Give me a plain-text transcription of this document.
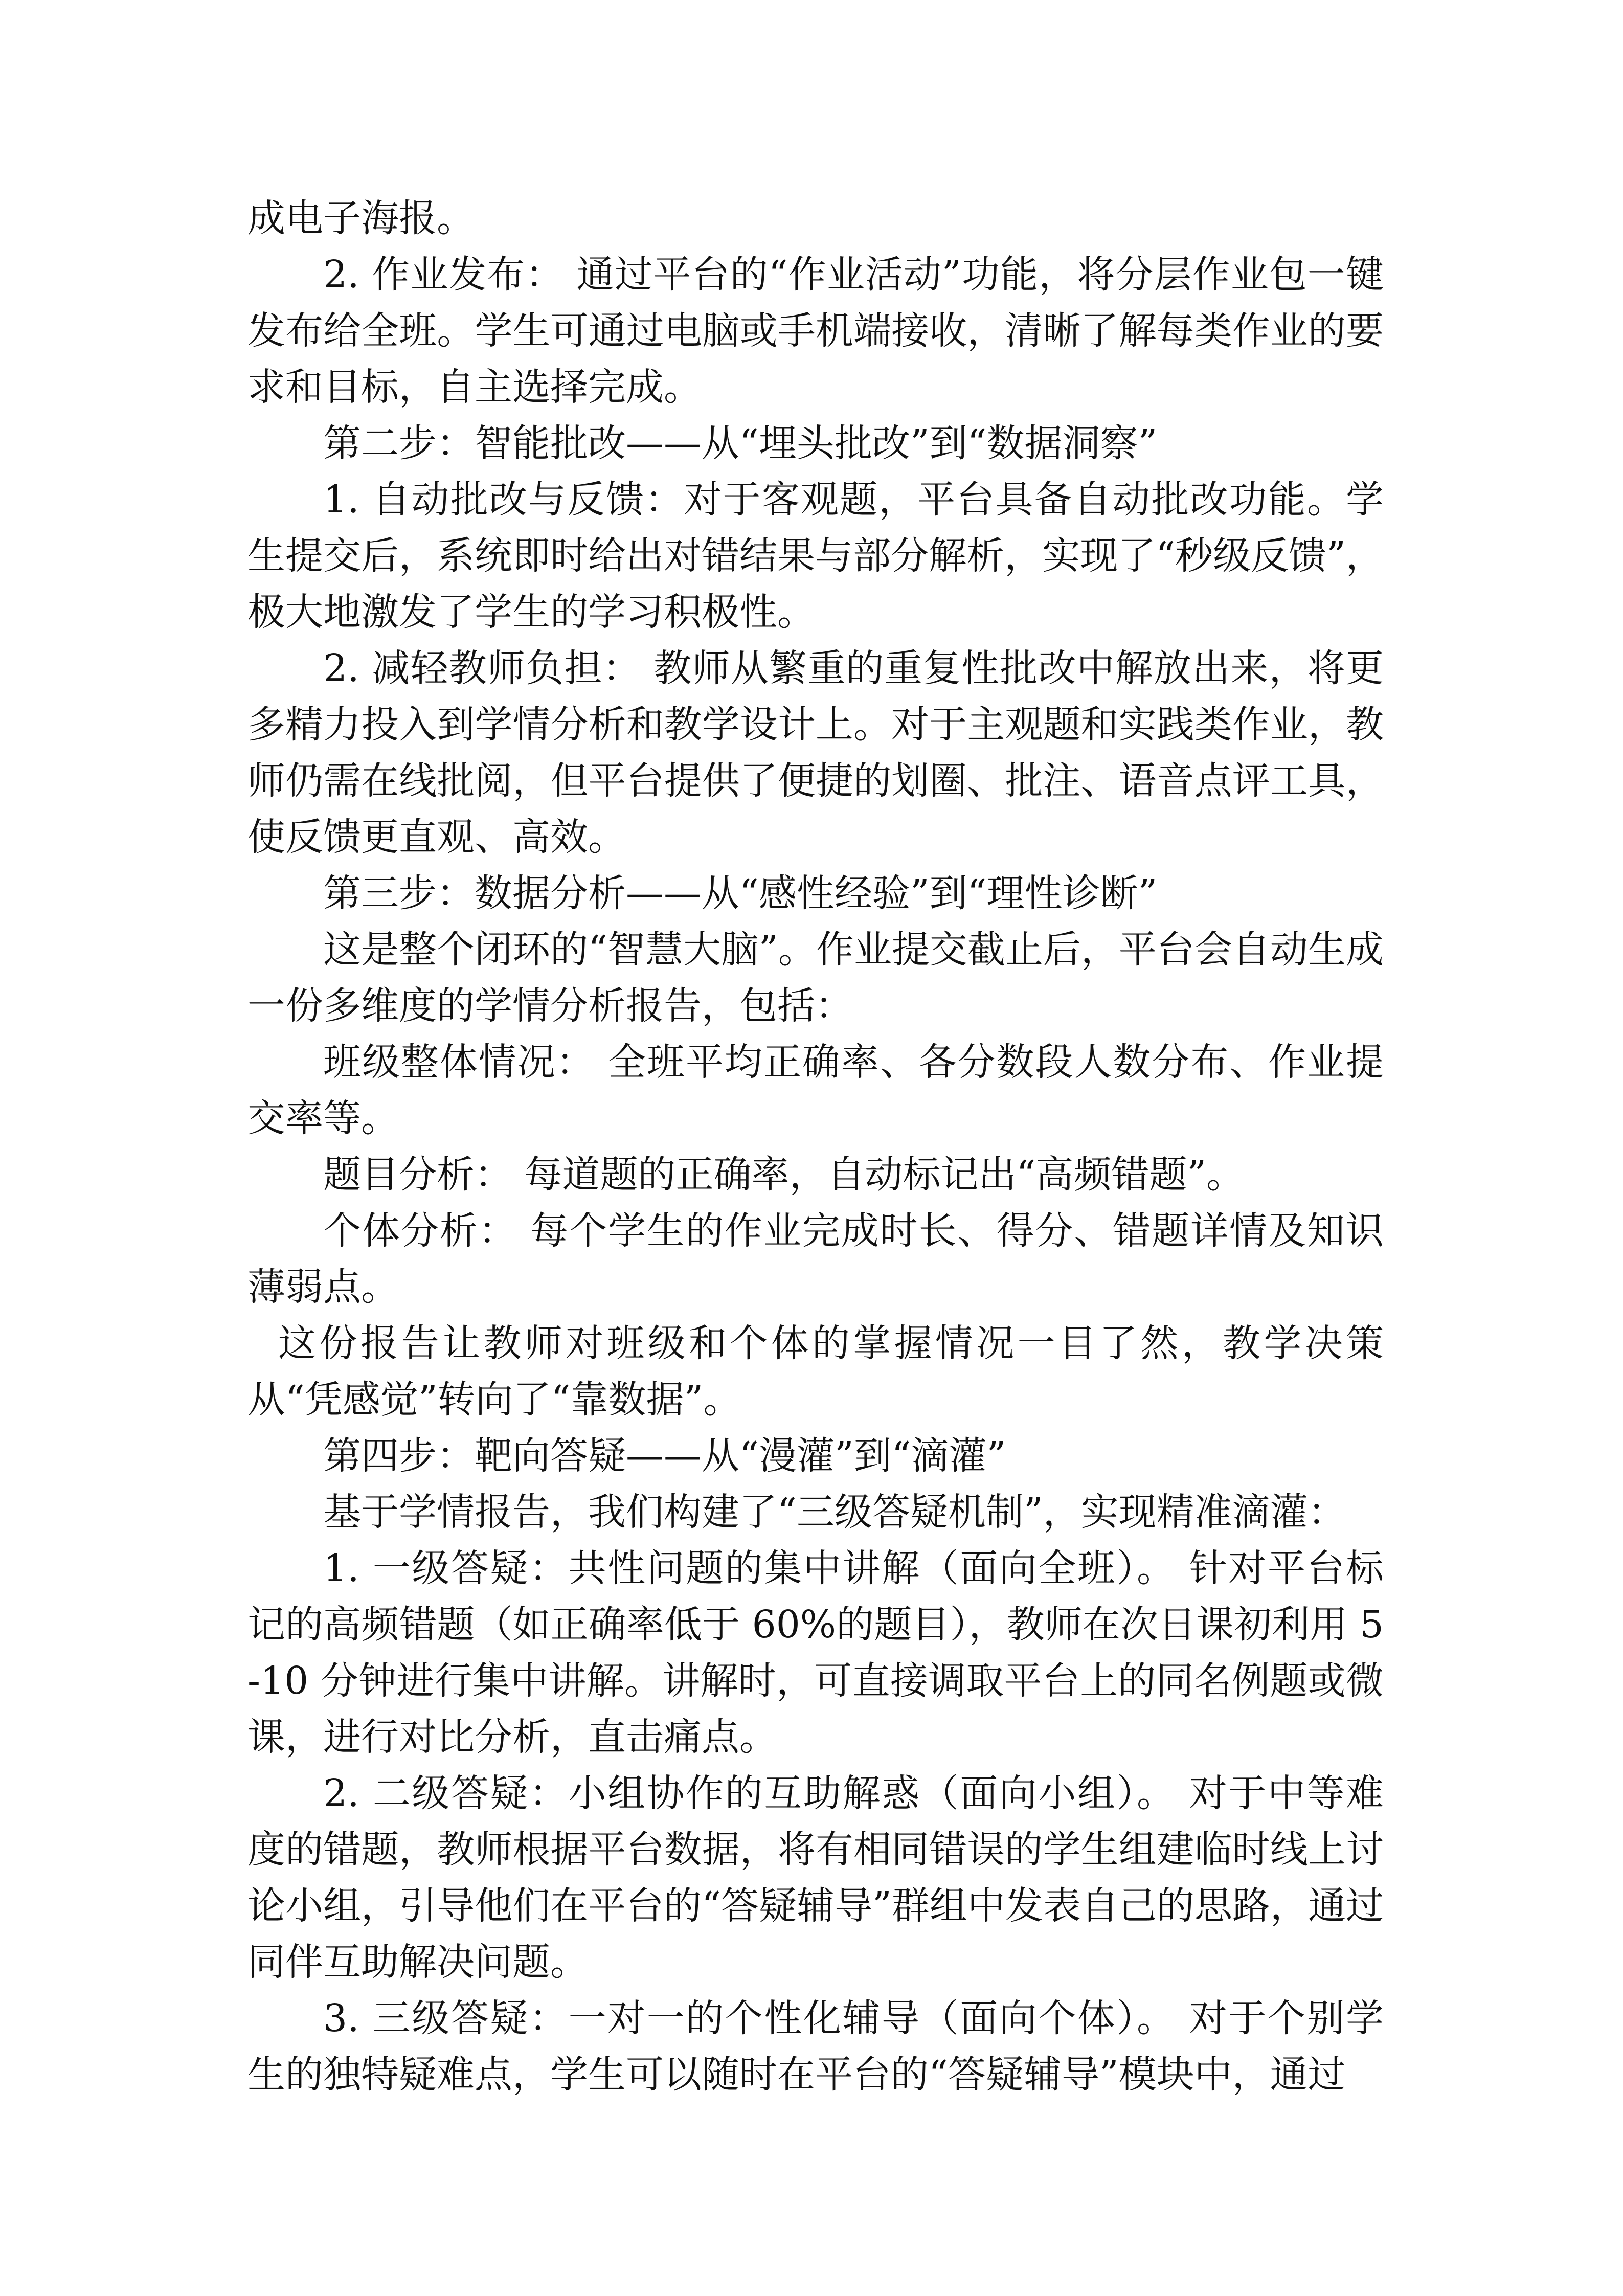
成电子海报。

2. 作业发布： 通过平台的“作业活动”功能，将分层作业包一键发布给全班。学生可通过电脑或手机端接收，清晰了解每类作业的要求和目标，自主选择完成。

第二步：智能批改——从“埋头批改”到“数据洞察”

1. 自动批改与反馈：对于客观题，平台具备自动批改功能。学生提交后，系统即时给出对错结果与部分解析，实现了“秒级反馈”，极大地激发了学生的学习积极性。

2. 减轻教师负担： 教师从繁重的重复性批改中解放出来，将更多精力投入到学情分析和教学设计上。对于主观题和实践类作业，教师仍需在线批阅，但平台提供了便捷的划圈、批注、语音点评工具，使反馈更直观、高效。

第三步：数据分析——从“感性经验”到“理性诊断”

这是整个闭环的“智慧大脑”。作业提交截止后，平台会自动生成一份多维度的学情分析报告，包括：

班级整体情况： 全班平均正确率、各分数段人数分布、作业提交率等。

题目分析： 每道题的正确率，自动标记出“高频错题”。

个体分析： 每个学生的作业完成时长、得分、错题详情及知识薄弱点。

这份报告让教师对班级和个体的掌握情况一目了然，教学决策从“凭感觉”转向了“靠数据”。

第四步：靶向答疑——从“漫灌”到“滴灌”

基于学情报告，我们构建了“三级答疑机制”，实现精准滴灌：

1. 一级答疑：共性问题的集中讲解（面向全班）。 针对平台标记的高频错题（如正确率低于 60%的题目），教师在次日课初利用 5-10 分钟进行集中讲解。讲解时，可直接调取平台上的同名例题或微课，进行对比分析，直击痛点。

2. 二级答疑：小组协作的互助解惑（面向小组）。 对于中等难度的错题，教师根据平台数据，将有相同错误的学生组建临时线上讨论小组，引导他们在平台的“答疑辅导”群组中发表自己的思路，通过同伴互助解决问题。

3. 三级答疑：一对一的个性化辅导（面向个体）。 对于个别学生的独特疑难点，学生可以随时在平台的“答疑辅导”模块中，通过
